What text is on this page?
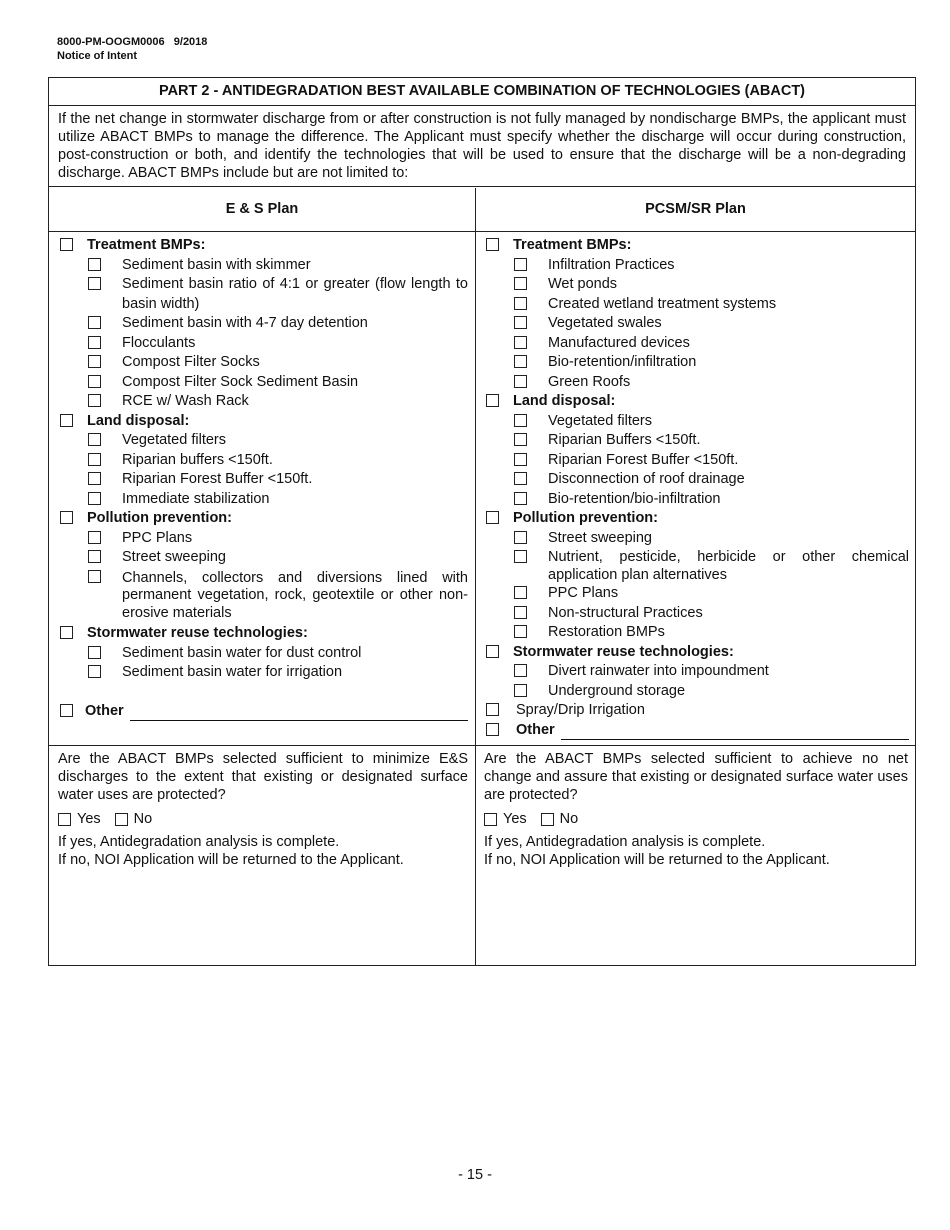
8000-PM-OOGM0006   9/2018
Notice of Intent
PART 2 - ANTIDEGRADATION BEST AVAILABLE COMBINATION OF TECHNOLOGIES (ABACT)
If the net change in stormwater discharge from or after construction is not fully managed by nondischarge BMPs, the applicant must utilize ABACT BMPs to manage the difference. The Applicant must specify whether the discharge will occur during construction, post-construction or both, and identify the technologies that will be used to ensure that the discharge will be a non-degrading discharge. ABACT BMPs include but are not limited to:
E & S Plan	PCSM/SR Plan
Treatment BMPs:
Sediment basin with skimmer
Sediment basin ratio of 4:1 or greater (flow length to basin width)
Sediment basin with 4-7 day detention
Flocculants
Compost Filter Socks
Compost Filter Sock Sediment Basin
RCE w/ Wash Rack
Land disposal:
Vegetated filters
Riparian buffers <150ft.
Riparian Forest Buffer <150ft.
Immediate stabilization
Pollution prevention:
PPC Plans
Street sweeping
Channels, collectors and diversions lined with permanent vegetation, rock, geotextile or other non-erosive materials
Stormwater reuse technologies:
Sediment basin water for dust control
Sediment basin water for irrigation
Other
Treatment BMPs:
Infiltration Practices
Wet ponds
Created wetland treatment systems
Vegetated swales
Manufactured devices
Bio-retention/infiltration
Green Roofs
Land disposal:
Vegetated filters
Riparian Buffers <150ft.
Riparian Forest Buffer <150ft.
Disconnection of roof drainage
Bio-retention/bio-infiltration
Pollution prevention:
Street sweeping
Nutrient, pesticide, herbicide or other chemical application plan alternatives
PPC Plans
Non-structural Practices
Restoration BMPs
Stormwater reuse technologies:
Divert rainwater into impoundment
Underground storage
Spray/Drip Irrigation
Other

Are the ABACT BMPs selected sufficient to minimize E&S discharges to the extent that existing or designated surface water uses are protected?

Yes No

If yes, Antidegradation analysis is complete.

If no, NOI Application will be returned to the Applicant.

Are the ABACT BMPs selected sufficient to achieve no net change and assure that existing or designated surface water uses are protected?

Yes No

If yes, Antidegradation analysis is complete.

If no, NOI Application will be returned to the Applicant.

- 15 -
